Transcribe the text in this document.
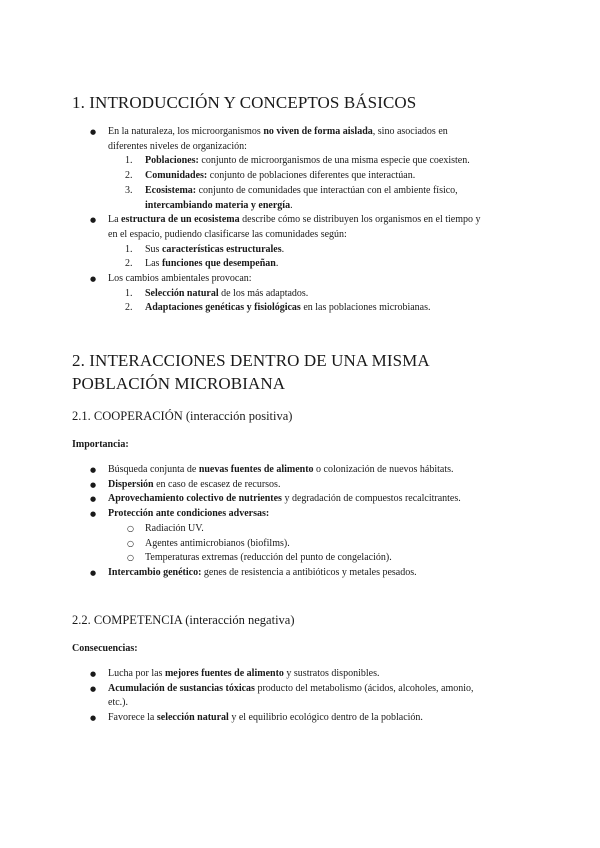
1. INTRODUCCIÓN Y CONCEPTOS BÁSICOS
● En la naturaleza, los microorganismos no viven de forma aislada, sino asociados en
diferentes niveles de organización:
1. Poblaciones: conjunto de microorganismos de una misma especie que coexisten.
2. Comunidades: conjunto de poblaciones diferentes que interactúan.
3. Ecosistema: conjunto de comunidades que interactúan con el ambiente físico,
intercambiando materia y energía.
● La estructura de un ecosistema describe cómo se distribuyen los organismos en el tiempo y
en el espacio, pudiendo clasificarse las comunidades según:
1. Sus características estructurales.
2. Las funciones que desempeñan.
● Los cambios ambientales provocan:
1. Selección natural de los más adaptados.
2. Adaptaciones genéticas y fisiológicas en las poblaciones microbianas.
2. INTERACCIONES DENTRO DE UNA MISMA
POBLACIÓN MICROBIANA
2.1. COOPERACIÓN (interacción positiva)
Importancia:
● Búsqueda conjunta de nuevas fuentes de alimento o colonización de nuevos hábitats.
● Dispersión en caso de escasez de recursos.
● Aprovechamiento colectivo de nutrientes y degradación de compuestos recalcitrantes.
● Protección ante condiciones adversas:
○ Radiación UV.
○ Agentes antimicrobianos (biofilms).
○ Temperaturas extremas (reducción del punto de congelación).
● Intercambio genético: genes de resistencia a antibióticos y metales pesados.
2.2. COMPETENCIA (interacción negativa)
Consecuencias:
● Lucha por las mejores fuentes de alimento y sustratos disponibles.
● Acumulación de sustancias tóxicas producto del metabolismo (ácidos, alcoholes, amonio,
etc.).
● Favorece la selección natural y el equilibrio ecológico dentro de la población.
